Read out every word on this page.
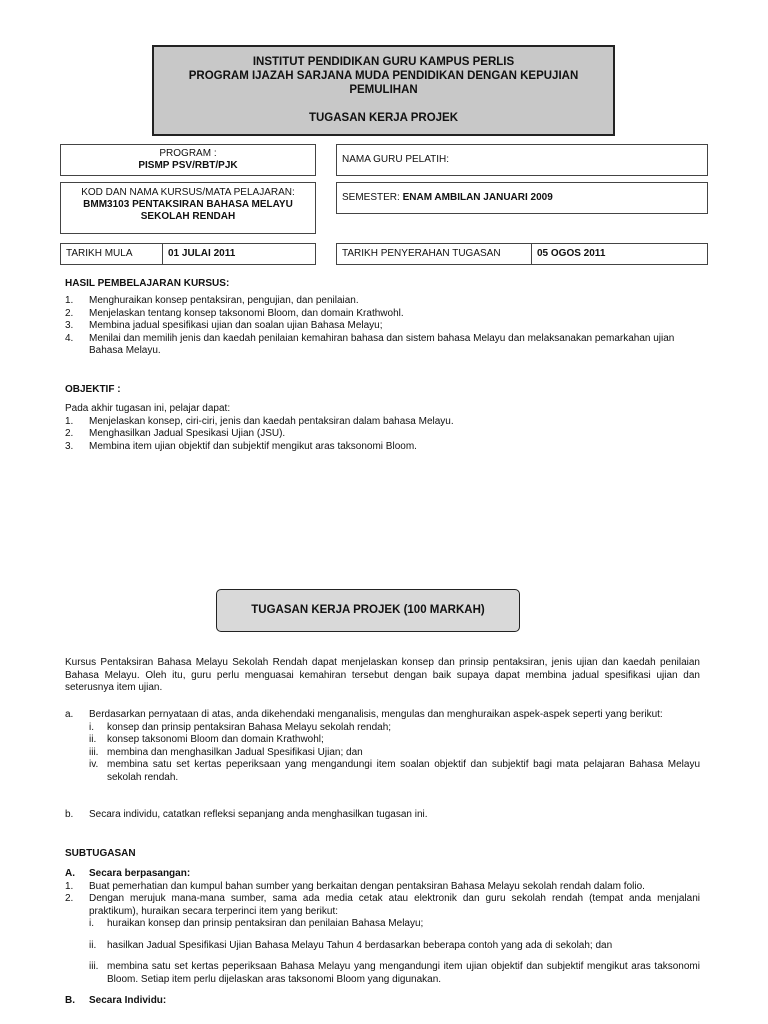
INSTITUT PENDIDIKAN GURU KAMPUS PERLIS
PROGRAM IJAZAH SARJANA MUDA PENDIDIKAN DENGAN KEPUJIAN
PEMULIHAN
TUGASAN KERJA PROJEK
PROGRAM :
PISMP PSV/RBT/PJK
NAMA GURU PELATIH:
KOD DAN NAMA KURSUS/MATA PELAJARAN:
BMM3103 PENTAKSIRAN BAHASA MELAYU
SEKOLAH RENDAH
SEMESTER: ENAM AMBILAN JANUARI 2009
TARIKH MULA	01 JULAI 2011	TARIKH PENYERAHAN TUGASAN	05 OGOS 2011
HASIL PEMBELAJARAN KURSUS:
1. Menghuraikan konsep pentaksiran, pengujian, dan penilaian.
2. Menjelaskan tentang konsep taksonomi Bloom, dan domain Krathwohl.
3. Membina jadual spesifikasi ujian dan soalan ujian Bahasa Melayu;
4. Menilai dan memilih jenis dan kaedah penilaian kemahiran bahasa dan sistem bahasa Melayu dan melaksanakan pemarkahan ujian Bahasa Melayu.
OBJEKTIF :
Pada akhir tugasan ini, pelajar dapat:
1. Menjelaskan konsep, ciri-ciri, jenis dan kaedah pentaksiran dalam bahasa Melayu.
2. Menghasilkan Jadual Spesikasi Ujian (JSU).
3. Membina item ujian objektif dan subjektif mengikut aras taksonomi Bloom.
TUGASAN KERJA PROJEK (100 MARKAH)
Kursus Pentaksiran Bahasa Melayu Sekolah Rendah dapat menjelaskan konsep dan prinsip pentaksiran, jenis ujian dan kaedah penilaian Bahasa Melayu. Oleh itu, guru perlu menguasai kemahiran tersebut dengan baik supaya dapat membina jadual spesifikasi ujian dan seterusnya item ujian.
a. Berdasarkan pernyataan di atas, anda dikehendaki menganalisis, mengulas dan menghuraikan aspek-aspek seperti yang berikut:
i. konsep dan prinsip pentaksiran Bahasa Melayu sekolah rendah;
ii. konsep taksonomi Bloom dan domain Krathwohl;
iii. membina dan menghasilkan Jadual Spesifikasi Ujian; dan
iv. membina satu set kertas peperiksaan yang mengandungi item soalan objektif dan subjektif bagi mata pelajaran Bahasa Melayu sekolah rendah.
b. Secara individu, catatkan refleksi sepanjang anda menghasilkan tugasan ini.
SUBTUGASAN
A. Secara berpasangan:
1. Buat pemerhatian dan kumpul bahan sumber yang berkaitan dengan pentaksiran Bahasa Melayu sekolah rendah dalam folio.
2. Dengan merujuk mana-mana sumber, sama ada media cetak atau elektronik dan guru sekolah rendah (tempat anda menjalani praktikum), huraikan secara terperinci item yang berikut:
i. huraikan konsep dan prinsip pentaksiran dan penilaian Bahasa Melayu;
ii. hasilkan Jadual Spesifikasi Ujian Bahasa Melayu Tahun 4 berdasarkan beberapa contoh yang ada di sekolah; dan
iii. membina satu set kertas peperiksaan Bahasa Melayu yang mengandungi item ujian objektif dan subjektif mengikut aras taksonomi Bloom. Setiap item perlu dijelaskan aras taksonomi Bloom yang digunakan.
B. Secara Individu:
